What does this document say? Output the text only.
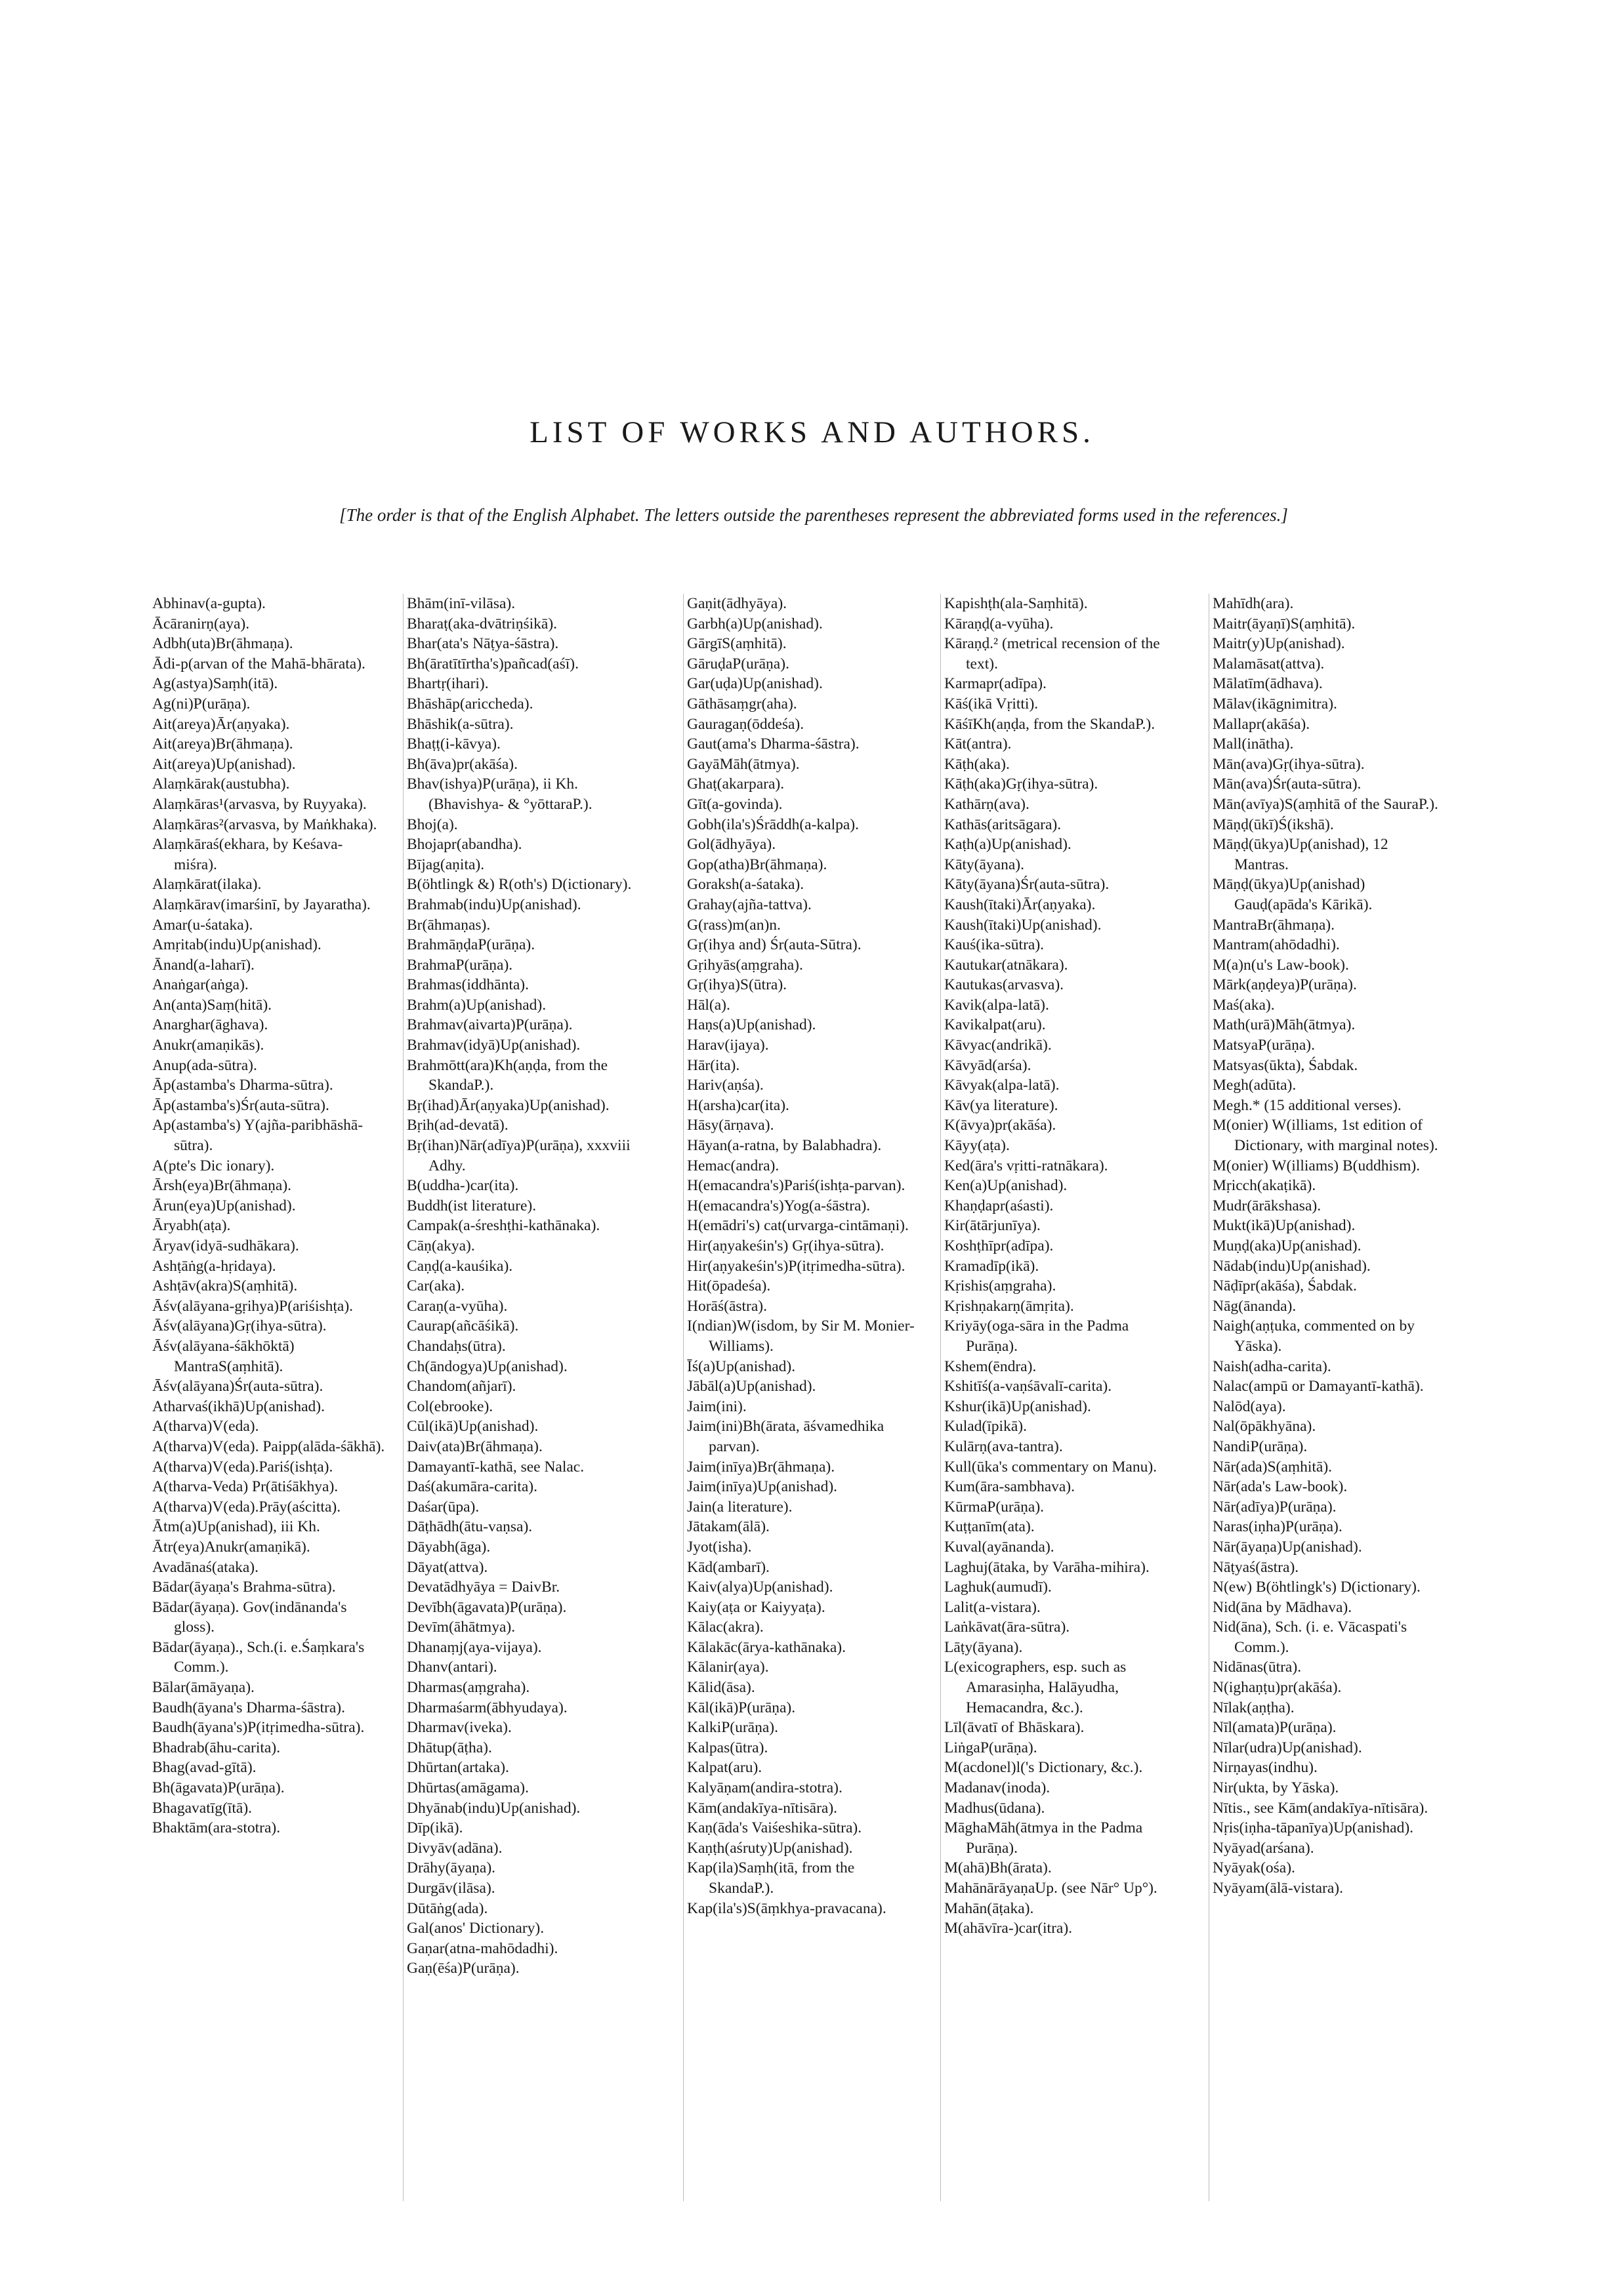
LIST OF WORKS AND AUTHORS.
[The order is that of the English Alphabet. The letters outside the parentheses represent the abbreviated forms used in the references.]
Abhinav(a-gupta).
Ācāranirṇ(aya).
Adbh(uta)Br(āhmaṇa).
Ādi-p(arvan of the Mahā-bhārata).
Ag(astya)Saṃh(itā).
Ag(ni)P(urāṇa).
Ait(areya)Ār(aṇyaka).
Ait(areya)Br(āhmaṇa).
Ait(areya)Up(anishad).
Alaṃkārak(austubha).
Alaṃkāras¹(arvasva, by Ruyyaka).
Alaṃkāras²(arvasva, by Maṅkhaka).
Alaṃkāraś(ekhara, by Keśava-miśra).
Alaṃkārat(ilaka).
Alaṃkārav(imarśinī, by Jayaratha).
Amar(u-śataka).
Amṛitab(indu)Up(anishad).
Ānand(a-laharī).
Anaṅgar(aṅga).
An(anta)Saṃ(hitā).
Anarghar(āghava).
Anukr(amaṇikās).
Anup(ada-sūtra).
Āp(astamba's Dharma-sūtra).
Āp(astamba's)Śr(auta-sūtra).
Ap(astamba's) Y(ajña-paribhāshā-sūtra).
A(pte's Dic ionary).
Ārsh(eya)Br(āhmaṇa).
Ārun(eya)Up(anishad).
Āryabh(aṭa).
Āryav(idyā-sudhākara).
Ashṭāṅg(a-hṛidaya).
Ashṭāv(akra)S(aṃhitā).
Āśv(alāyana-gṛihya)P(ariśishṭa).
Āśv(alāyana)Gṛ(ihya-sūtra).
Āśv(alāyana-śākhōktā) MantraS(aṃhitā).
Āśv(alāyana)Śr(auta-sūtra).
Atharvaś(ikhā)Up(anishad).
A(tharva)V(eda).
A(tharva)V(eda). Paipp(alāda-śākhā).
A(tharva)V(eda).Pariś(ishṭa).
A(tharva-Veda) Pr(ātiśākhya).
A(tharva)V(eda).Prāy(aścitta).
Ātm(a)Up(anishad), iii Kh.
Ātr(eya)Anukr(amaṇikā).
Avadānaś(ataka).
Bādar(āyaṇa's Brahma-sūtra).
Bādar(āyaṇa). Gov(indānanda's gloss).
Bādar(āyaṇa)., Sch.(i. e.Śaṃkara's Comm.).
Bālar(āmāyaṇa).
Baudh(āyana's Dharma-śāstra).
Baudh(āyana's)P(itṛimedha-sūtra).
Bhadrab(āhu-carita).
Bhag(avad-gītā).
Bh(āgavata)P(urāṇa).
Bhagavatīg(ītā).
Bhaktām(ara-stotra).
Bhām(inī-vilāsa).
Bharaṭ(aka-dvātriṇśikā).
Bhar(ata's Nāṭya-śāstra).
Bh(āratītīrtha's)pañcad(aśī).
Bhartṛ(ihari).
Bhāshāp(ariccheda).
Bhāshik(a-sūtra).
Bhaṭṭ(i-kāvya).
Bh(āva)pr(akāśa).
Bhav(ishya)P(urāṇa), ii Kh. (Bhavishya- & °yōttaraP.).
Bhoj(a).
Bhojapr(abandha).
Bījag(aṇita).
B(öhtlingk &) R(oth's) D(ictionary).
Brahmab(indu)Up(anishad).
Br(āhmaṇas).
BrahmāṇḍaP(urāṇa).
BrahmaP(urāṇa).
Brahmas(iddhānta).
Brahm(a)Up(anishad).
Brahmav(aivarta)P(urāṇa).
Brahmav(idyā)Up(anishad).
Brahmōtt(ara)Kh(aṇḍa, from the SkandaP.).
Bṛ(ihad)Ār(aṇyaka)Up(anishad).
Bṛih(ad-devatā).
Bṛ(ihan)Nār(adīya)P(urāṇa), xxxviii Adhy.
B(uddha-)car(ita).
Buddh(ist literature).
Campak(a-śreshṭhi-kathānaka).
Cāṇ(akya).
Caṇḍ(a-kauśika).
Car(aka).
Caraṇ(a-vyūha).
Caurap(añcāśikā).
Chandaḥs(ūtra).
Ch(āndogya)Up(anishad).
Chandom(añjarī).
Col(ebrooke).
Cūl(ikā)Up(anishad).
Daiv(ata)Br(āhmaṇa).
Damayantī-kathā, see Nalac.
Daś(akumāra-carita).
Daśar(ūpa).
Dāṭhādh(ātu-vaṇsa).
Dāyabh(āga).
Dāyat(attva).
Devatādhyāya = DaivBr.
Devībh(āgavata)P(urāṇa).
Devīm(āhātmya).
Dhanaṃj(aya-vijaya).
Dhanv(antari).
Dharmas(aṃgraha).
Dharmaśarm(ābhyudaya).
Dharmav(iveka).
Dhātup(āṭha).
Dhūrtan(artaka).
Dhūrtas(amāgama).
Dhyānab(indu)Up(anishad).
Dīp(ikā).
Divyāv(adāna).
Drāhy(āyaṇa).
Durgāv(ilāsa).
Dūtāṅg(ada).
Gal(anos' Dictionary).
Gaṇar(atna-mahōdadhi).
Gaṇ(ēśa)P(urāṇa).
Gaṇit(ādhyāya).
Garbh(a)Up(anishad).
GārgīS(aṃhitā).
GāruḍaP(urāṇa).
Gar(uḍa)Up(anishad).
Gāthāsaṃgr(aha).
Gauragaṇ(ōddeśa).
Gaut(ama's Dharma-śāstra).
GayāMāh(ātmya).
Ghaṭ(akarpara).
Gīt(a-govinda).
Gobh(ila's)Śrāddh(a-kalpa).
Gol(ādhyāya).
Gop(atha)Br(āhmaṇa).
Goraksh(a-śataka).
Grahay(ajña-tattva).
G(rass)m(an)n.
Gṛ(ihya and) Śr(auta-Sūtra).
Gṛihyās(aṃgraha).
Gṛ(ihya)S(ūtra).
Hāl(a).
Haṇs(a)Up(anishad).
Harav(ijaya).
Hār(ita).
Hariv(aṇśa).
H(arsha)car(ita).
Hāsy(ārṇava).
Hāyan(a-ratna, by Balabhadra).
Hemac(andra).
H(emacandra's)Pariś(ishṭa-parvan).
H(emacandra's)Yog(a-śāstra).
H(emādri's) cat(urvarga-cintāmaṇi).
Hir(aṇyakeśin's) Gṛ(ihya-sūtra).
Hir(aṇyakeśin's)P(itṛimedha-sūtra).
Hit(ōpadeśa).
Horāś(āstra).
I(ndian)W(isdom, by Sir M. Monier-Williams).
Īś(a)Up(anishad).
Jābāl(a)Up(anishad).
Jaim(ini).
Jaim(ini)Bh(ārata, āśvamedhika parvan).
Jaim(inīya)Br(āhmaṇa).
Jaim(inīya)Up(anishad).
Jain(a literature).
Jātakam(ālā).
Jyot(isha).
Kād(ambarī).
Kaiv(alya)Up(anishad).
Kaiy(aṭa or Kaiyyaṭa).
Kālac(akra).
Kālakāc(ārya-kathānaka).
Kālanir(aya).
Kālid(āsa).
Kāl(ikā)P(urāṇa).
KalkiP(urāṇa).
Kalpas(ūtra).
Kalpat(aru).
Kalyāṇam(andira-stotra).
Kām(andakīya-nītisāra).
Kaṇ(āda's Vaiśeshika-sūtra).
Kaṇṭh(aśruty)Up(anishad).
Kap(ila)Saṃh(itā, from the SkandaP.).
Kap(ila's)S(āṃkhya-pravacana).
Kapishṭh(ala-Saṃhitā).
Kāraṇḍ(a-vyūha).
Kāraṇḍ.² (metrical recension of the text).
Karmapr(adīpa).
Kāś(ikā Vṛitti).
KāśīKh(aṇḍa, from the SkandaP.).
Kāt(antra).
Kāṭh(aka).
Kāṭh(aka)Gṛ(ihya-sūtra).
Kathārṇ(ava).
Kathās(aritsāgara).
Kaṭh(a)Up(anishad).
Kāty(āyana).
Kāty(āyana)Śr(auta-sūtra).
Kaush(ītaki)Ār(aṇyaka).
Kaush(ītaki)Up(anishad).
Kauś(ika-sūtra).
Kautukar(atnākara).
Kautukas(arvasva).
Kavik(alpa-latā).
Kavikalpat(aru).
Kāvyac(andrikā).
Kāvyād(arśa).
Kāvyak(alpa-latā).
Kāv(ya literature).
K(āvya)pr(akāśa).
Kāyy(aṭa).
Ked(āra's vṛitti-ratnākara).
Ken(a)Up(anishad).
Khaṇḍapr(aśasti).
Kir(ātārjunīya).
Koshṭhīpr(adīpa).
Kramadīp(ikā).
Kṛishis(aṃgraha).
Kṛishṇakarṇ(āmṛita).
Kriyāy(oga-sāra in the Padma Purāṇa).
Kshem(ēndra).
Kshitīś(a-vaṇśāvalī-carita).
Kshur(ikā)Up(anishad).
Kulad(īpikā).
Kulārṇ(ava-tantra).
Kull(ūka's commentary on Manu).
Kum(āra-sambhava).
KūrmaP(urāṇa).
Kuṭṭanīm(ata).
Kuval(ayānanda).
Laghuj(ātaka, by Varāha-mihira).
Laghuk(aumudī).
Lalit(a-vistara).
Laṅkāvat(āra-sūtra).
Lāṭy(āyana).
L(exicographers, esp. such as Amarasiṇha, Halāyudha, Hemacandra, &c.).
Līl(āvatī of Bhāskara).
LiṅgaP(urāṇa).
M(acdonel)l('s Dictionary, &c.).
Madanav(inoda).
Madhus(ūdana).
MāghaMāh(ātmya in the Padma Purāṇa).
M(ahā)Bh(ārata).
MahānārāyaṇaUp. (see Nār° Up°).
Mahān(āṭaka).
M(ahāvīra-)car(itra).
Mahīdh(ara).
Maitr(āyaṇī)S(aṃhitā).
Maitr(y)Up(anishad).
Malamāsat(attva).
Mālatīm(ādhava).
Mālav(ikāgnimitra).
Mallapr(akāśa).
Mall(inātha).
Mān(ava)Gṛ(ihya-sūtra).
Mān(ava)Śr(auta-sūtra).
Mān(avīya)S(aṃhitā of the SauraP.).
Māṇḍ(ūkī)Ś(ikshā).
Māṇḍ(ūkya)Up(anishad), 12 Mantras.
Māṇḍ(ūkya)Up(anishad) Gauḍ(apāda's Kārikā).
MantraBr(āhmaṇa).
Mantram(ahōdadhi).
M(a)n(u's Law-book).
Mārk(aṇḍeya)P(urāṇa).
Maś(aka).
Math(urā)Māh(ātmya).
MatsyaP(urāṇa).
Matsyas(ūkta), Śabdak.
Megh(adūta).
Megh.* (15 additional verses).
M(onier) W(illiams, 1st edition of Dictionary, with marginal notes).
M(onier) W(illiams) B(uddhism).
Mṛicch(akaṭikā).
Mudr(ārākshasa).
Mukt(ikā)Up(anishad).
Muṇḍ(aka)Up(anishad).
Nādab(indu)Up(anishad).
Nāḍīpr(akāśa), Śabdak.
Nāg(ānanda).
Naigh(aṇṭuka, commented on by Yāska).
Naish(adha-carita).
Nalac(ampū or Damayantī-kathā).
Nalōd(aya).
Nal(ōpākhyāna).
NandiP(urāṇa).
Nār(ada)S(aṃhitā).
Nār(ada's Law-book).
Nār(adīya)P(urāṇa).
Naras(iṇha)P(urāṇa).
Nār(āyaṇa)Up(anishad).
Nāṭyaś(āstra).
N(ew) B(öhtlingk's) D(ictionary).
Nid(āna by Mādhava).
Nid(āna), Sch. (i. e. Vācaspati's Comm.).
Nidānas(ūtra).
N(ighaṇṭu)pr(akāśa).
Nīlak(aṇṭha).
Nīl(amata)P(urāṇa).
Nīlar(udra)Up(anishad).
Nirṇayas(indhu).
Nir(ukta, by Yāska).
Nītis., see Kām(andakīya-nītisāra).
Nṛis(iṇha-tāpanīya)Up(anishad).
Nyāyad(arśana).
Nyāyak(ośa).
Nyāyam(ālā-vistara).
